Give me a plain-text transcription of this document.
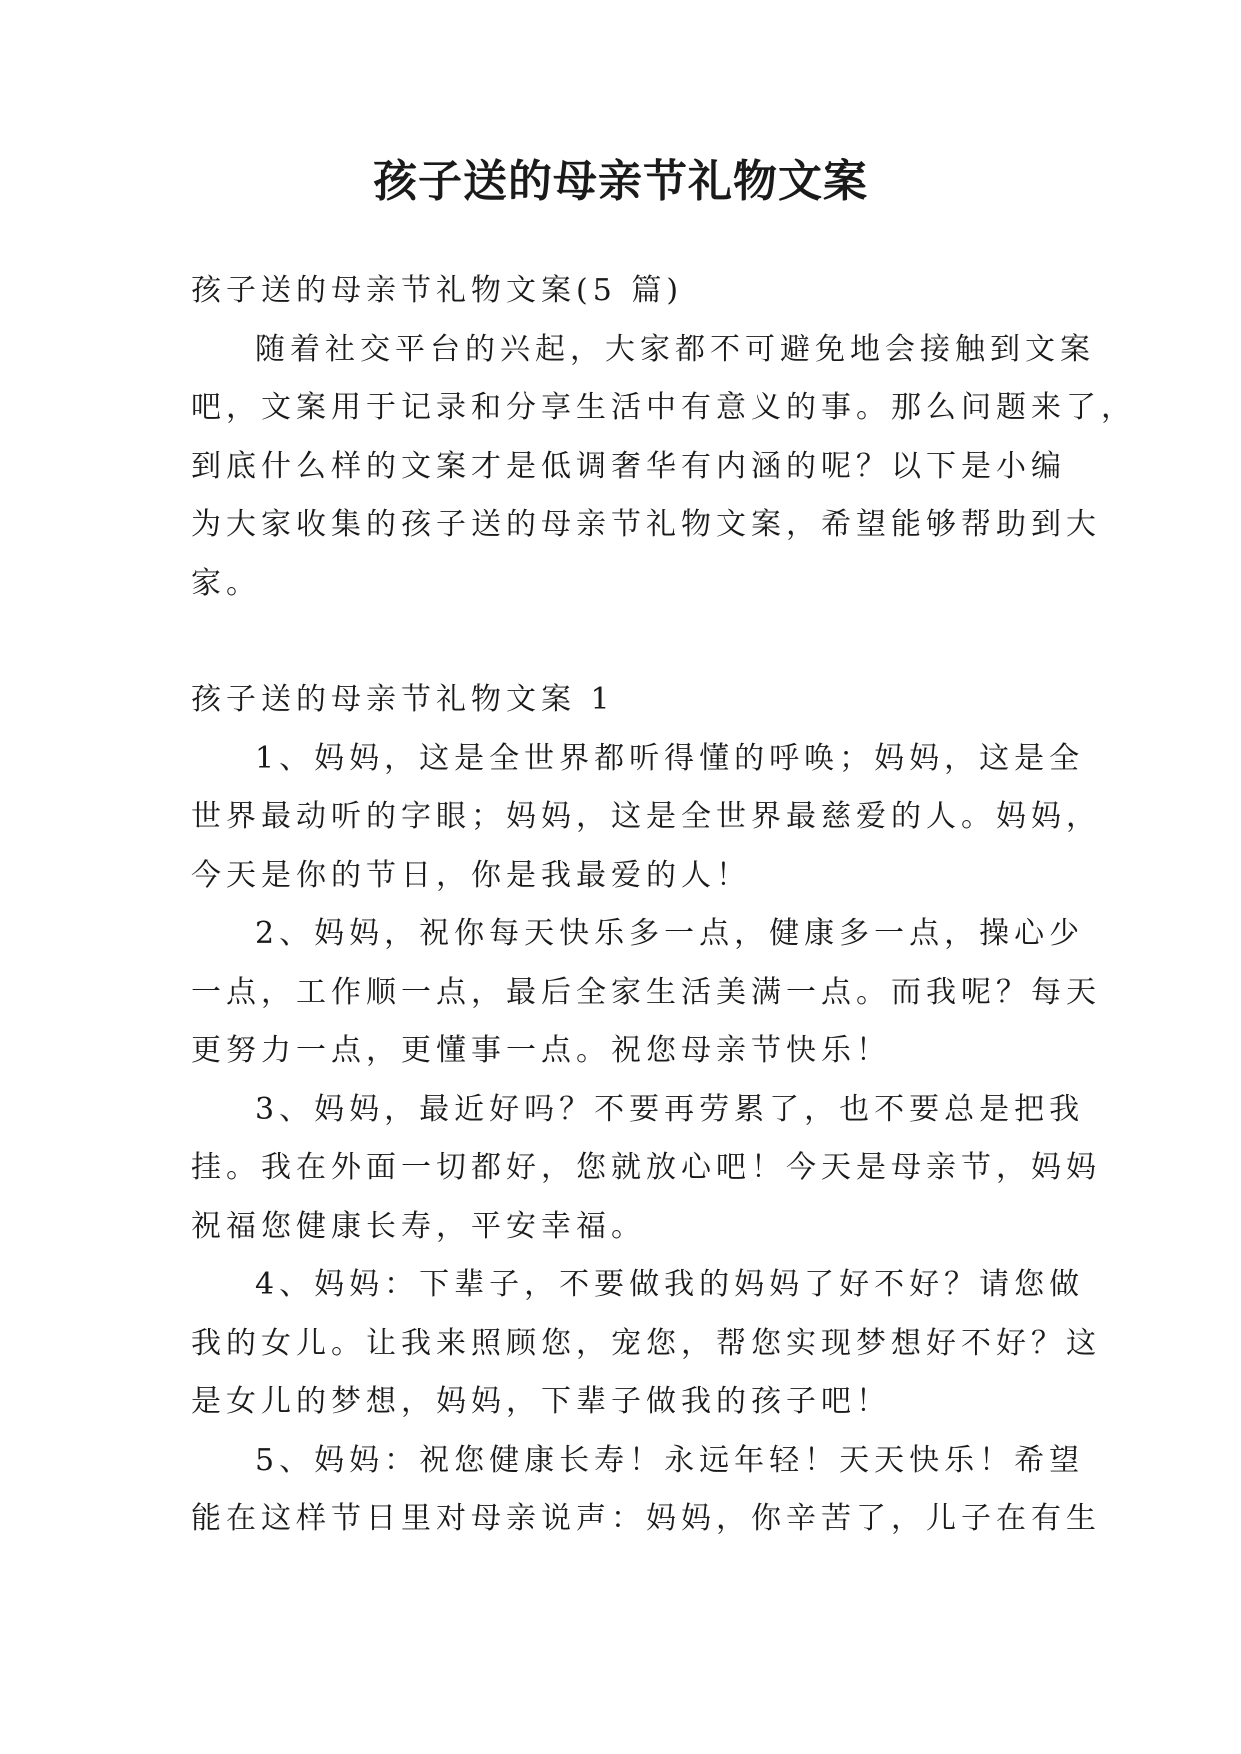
孩子送的母亲节礼物文案

孩子送的母亲节礼物文案(5 篇)

随着社交平台的兴起，大家都不可避免地会接触到文案

吧，文案用于记录和分享生活中有意义的事。那么问题来了，

到底什么样的文案才是低调奢华有内涵的呢？以下是小编

为大家收集的孩子送的母亲节礼物文案，希望能够帮助到大

家。

孩子送的母亲节礼物文案 1

1、妈妈，这是全世界都听得懂的呼唤；妈妈，这是全

世界最动听的字眼；妈妈，这是全世界最慈爱的人。妈妈，

今天是你的节日，你是我最爱的人！

2、妈妈，祝你每天快乐多一点，健康多一点，操心少

一点，工作顺一点，最后全家生活美满一点。而我呢？每天

更努力一点，更懂事一点。祝您母亲节快乐！

3、妈妈，最近好吗？不要再劳累了，也不要总是把我

挂。我在外面一切都好，您就放心吧！今天是母亲节，妈妈

祝福您健康长寿，平安幸福。

4、妈妈：下辈子，不要做我的妈妈了好不好？请您做

我的女儿。让我来照顾您，宠您，帮您实现梦想好不好？这

是女儿的梦想，妈妈，下辈子做我的孩子吧！

5、妈妈：祝您健康长寿！永远年轻！天天快乐！希望

能在这样节日里对母亲说声：妈妈，你辛苦了，儿子在有生
